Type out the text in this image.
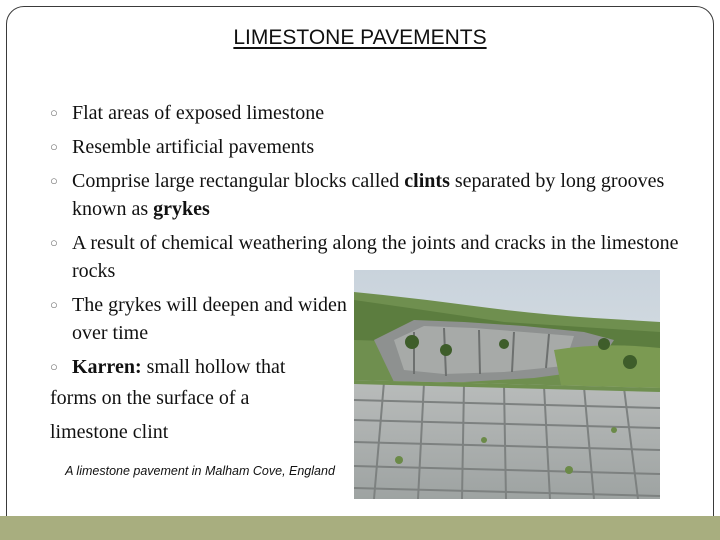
LIMESTONE PAVEMENTS
○ Flat areas of exposed limestone
○ Resemble artificial pavements
○ Comprise large rectangular blocks called clints separated by long grooves known as grykes
○ A result of chemical weathering along the joints and cracks in the limestone rocks
○ The grykes will deepen and widen over time
○ Karren: small hollow that
forms on the surface of a limestone clint
A limestone pavement in Malham Cove, England
